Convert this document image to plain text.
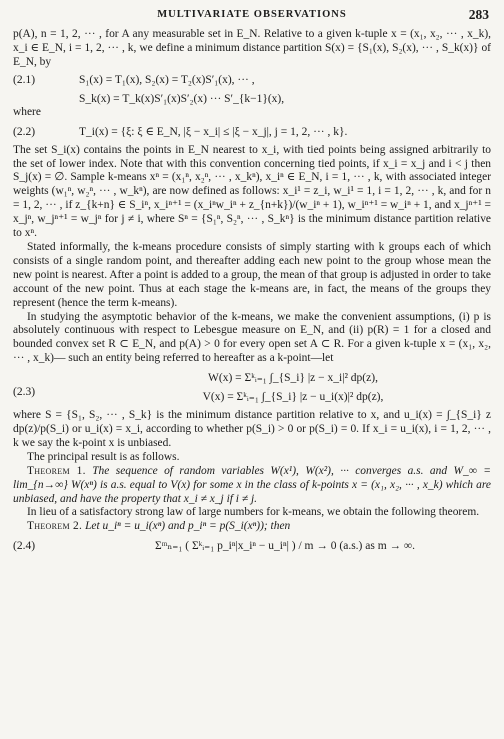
MULTIVARIATE OBSERVATIONS	283

p(A), n = 1, 2, ··· , for A any measurable set in E_N. Relative to a given k-tuple x = (x₁, x₂, ··· , x_k), x_i ∈ E_N, i = 1, 2, ··· , k, we define a minimum distance partition S(x) = {S₁(x), S₂(x), ··· , S_k(x)} of E_N, by

(2.1)	S₁(x) = T₁(x), S₂(x) = T₂(x)S′₁(x), ··· ,
S_k(x) = T_k(x)S′₁(x)S′₂(x) ··· S′_{k−1}(x),

where

(2.2)	T_i(x) = {ξ: ξ ∈ E_N, |ξ − x_i| ≤ |ξ − x_j|, j = 1, 2, ··· , k}.

The set S_i(x) contains the points in E_N nearest to x_i, with tied points being assigned arbitrarily to the set of lower index. Note that with this convention concerning tied points, if x_i = x_j and i < j then S_j(x) = ∅. Sample k-means xⁿ = (x₁ⁿ, x₂ⁿ, ··· , x_kⁿ), x_iⁿ ∈ E_N, i = 1, ··· , k, with associated integer weights (w₁ⁿ, w₂ⁿ, ··· , w_kⁿ), are now defined as follows: x_i¹ = z_i, w_i¹ = 1, i = 1, 2, ··· , k, and for n = 1, 2, ··· , if z_{k+n} ∈ S_iⁿ, x_iⁿ⁺¹ = (x_iⁿw_iⁿ + z_{n+k})/(w_iⁿ + 1), w_iⁿ⁺¹ = w_iⁿ + 1, and x_jⁿ⁺¹ = x_jⁿ, w_jⁿ⁺¹ = w_jⁿ for j ≠ i, where Sⁿ = {S₁ⁿ, S₂ⁿ, ··· , S_kⁿ} is the minimum distance partition relative to xⁿ.

Stated informally, the k-means procedure consists of simply starting with k groups each of which consists of a single random point, and thereafter adding each new point to the group whose mean the new point is nearest. After a point is added to a group, the mean of that group is adjusted in order to take account of the new point. Thus at each stage the k-means are, in fact, the means of the groups they represent (hence the term k-means).

In studying the asymptotic behavior of the k-means, we make the convenient assumptions, (i) p is absolutely continuous with respect to Lebesgue measure on E_N, and (ii) p(R) = 1 for a closed and bounded convex set R ⊂ E_N, and p(A) > 0 for every open set A ⊂ R. For a given k-tuple x = (x₁, x₂, ··· , x_k)— such an entity being referred to hereafter as a k-point—let

W(x) = Σᵏᵢ₌₁ ∫_{S_i} |z − x_i|² dp(z),
(2.3)	V(x) = Σᵏᵢ₌₁ ∫_{S_i} |z − u_i(x)|² dp(z),

where S = {S₁, S₂, ··· , S_k} is the minimum distance partition relative to x, and u_i(x) = ∫_{S_i} z dp(z)/p(S_i) or u_i(x) = x_i, according to whether p(S_i) > 0 or p(S_i) = 0. If x_i = u_i(x), i = 1, 2, ··· , k we say the k-point x is unbiased.

The principal result is as follows.

Theorem 1. The sequence of random variables W(x¹), W(x²), ··· converges a.s. and W_∞ = lim_{n→∞} W(xⁿ) is a.s. equal to V(x) for some x in the class of k-points x = (x₁, x₂, ··· , x_k) which are unbiased, and have the property that x_i ≠ x_j if i ≠ j.

In lieu of a satisfactory strong law of large numbers for k-means, we obtain the following theorem.

Theorem 2. Let u_iⁿ = u_i(xⁿ) and p_iⁿ = p(S_i(xⁿ)); then

(2.4)	Σᵐₙ₌₁ ( Σᵏᵢ₌₁ p_iⁿ|x_iⁿ − u_iⁿ| ) / m → 0 (a.s.) as m → ∞.
